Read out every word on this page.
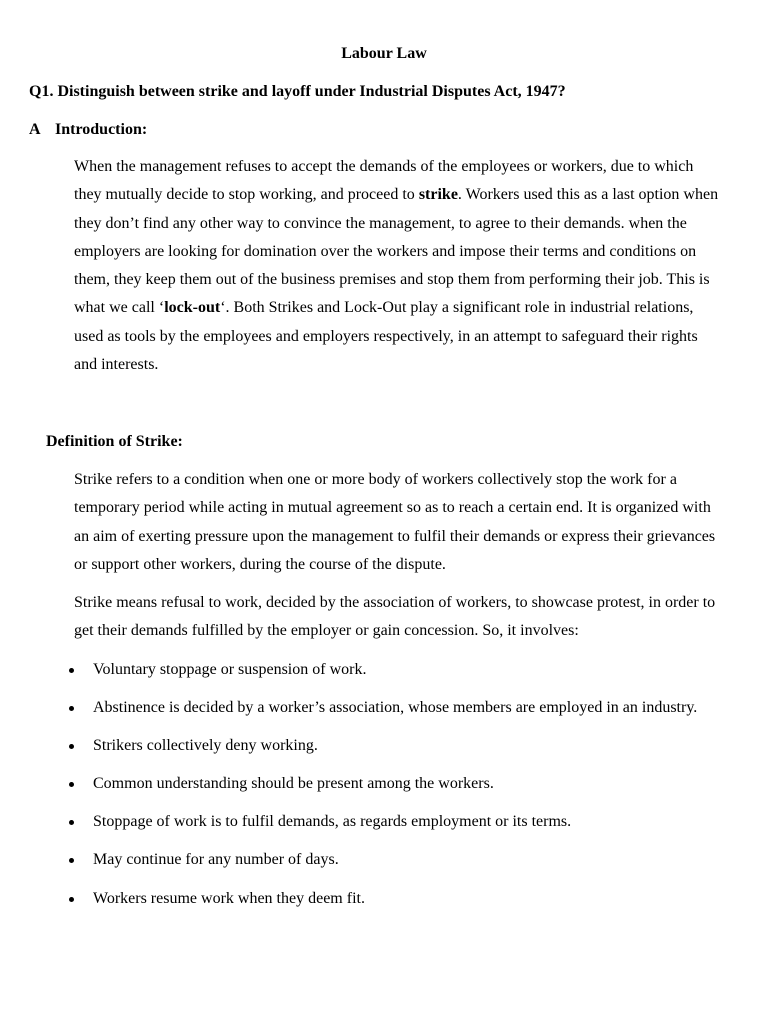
Labour Law
Q1. Distinguish between strike and layoff under Industrial Disputes Act, 1947?
A Introduction:

When the management refuses to accept the demands of the employees or workers, due to which they mutually decide to stop working, and proceed to strike. Workers used this as a last option when they don’t find any other way to convince the management, to agree to their demands. when the employers are looking for domination over the workers and impose their terms and conditions on them, they keep them out of the business premises and stop them from performing their job. This is what we call ‘lock-out‘. Both Strikes and Lock-Out play a significant role in industrial relations, used as tools by the employees and employers respectively, in an attempt to safeguard their rights and interests.

Definition of Strike:

Strike refers to a condition when one or more body of workers collectively stop the work for a temporary period while acting in mutual agreement so as to reach a certain end. It is organized with an aim of exerting pressure upon the management to fulfil their demands or express their grievances or support other workers, during the course of the dispute.

Strike means refusal to work, decided by the association of workers, to showcase protest, in order to get their demands fulfilled by the employer or gain concession. So, it involves:

Voluntary stoppage or suspension of work.
Abstinence is decided by a worker’s association, whose members are employed in an industry.
Strikers collectively deny working.
Common understanding should be present among the workers.
Stoppage of work is to fulfil demands, as regards employment or its terms.
May continue for any number of days.
Workers resume work when they deem fit.
